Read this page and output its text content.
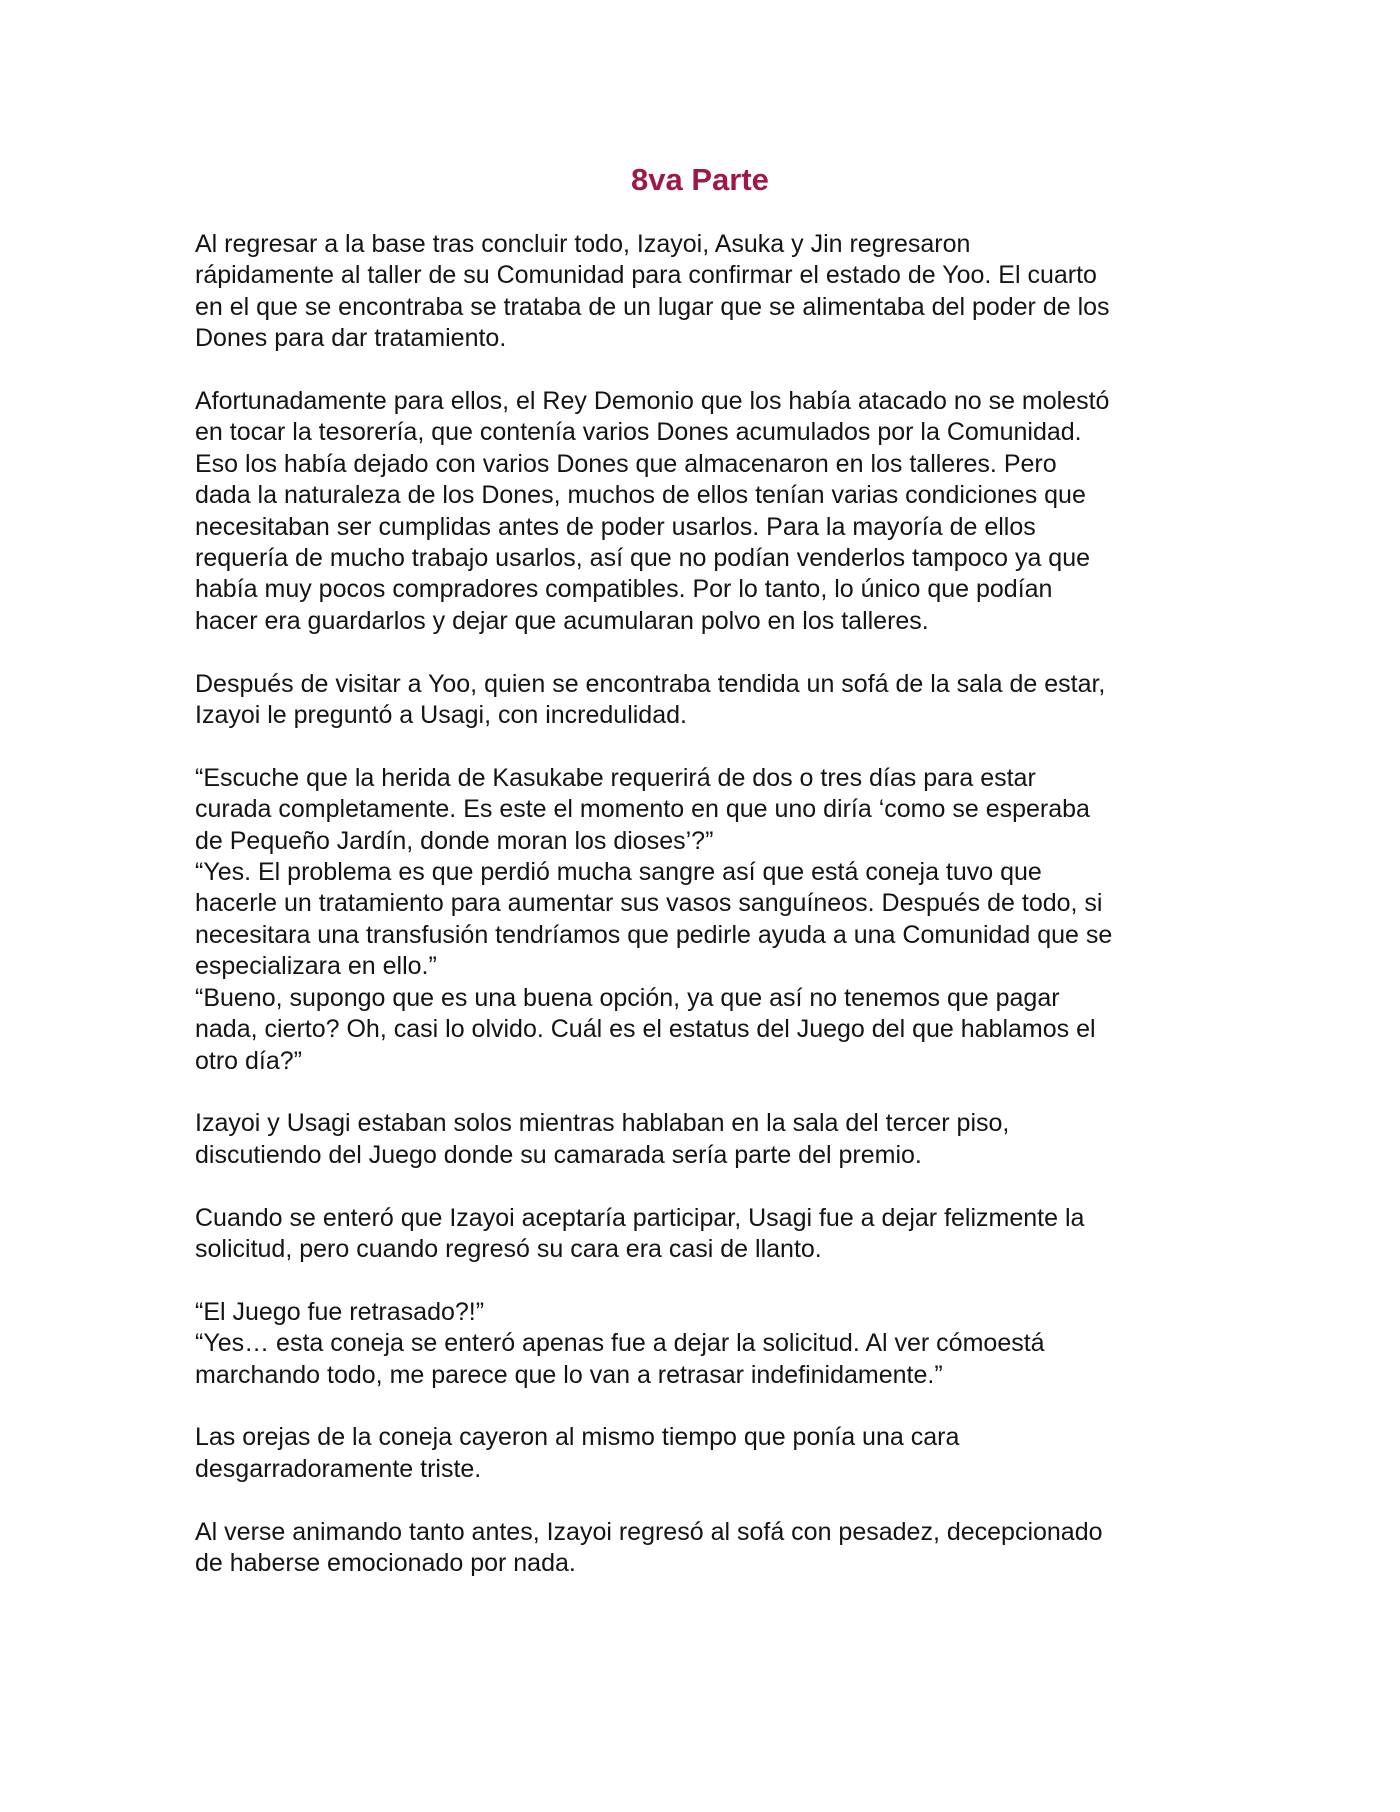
8va Parte

Al regresar a la base tras concluir todo, Izayoi, Asuka y Jin regresaron
rápidamente al taller de su Comunidad para confirmar el estado de Yoo. El cuarto
en el que se encontraba se trataba de un lugar que se alimentaba del poder de los
Dones para dar tratamiento.

Afortunadamente para ellos, el Rey Demonio que los había atacado no se molestó
en tocar la tesorería, que contenía varios Dones acumulados por la Comunidad.
Eso los había dejado con varios Dones que almacenaron en los talleres. Pero
dada la naturaleza de los Dones, muchos de ellos tenían varias condiciones que
necesitaban ser cumplidas antes de poder usarlos. Para la mayoría de ellos
requería de mucho trabajo usarlos, así que no podían venderlos tampoco ya que
había muy pocos compradores compatibles. Por lo tanto, lo único que podían
hacer era guardarlos y dejar que acumularan polvo en los talleres.

Después de visitar a Yoo, quien se encontraba tendida un sofá de la sala de estar,
Izayoi le preguntó a Usagi, con incredulidad.

“Escuche que la herida de Kasukabe requerirá de dos o tres días para estar
curada completamente. Es este el momento en que uno diría ‘como se esperaba
de Pequeño Jardín, donde moran los dioses’?”
“Yes. El problema es que perdió mucha sangre así que está coneja tuvo que
hacerle un tratamiento para aumentar sus vasos sanguíneos. Después de todo, si
necesitara una transfusión tendríamos que pedirle ayuda a una Comunidad que se
especializara en ello.”
“Bueno, supongo que es una buena opción, ya que así no tenemos que pagar
nada, cierto? Oh, casi lo olvido. Cuál es el estatus del Juego del que hablamos el
otro día?”

Izayoi y Usagi estaban solos mientras hablaban en la sala del tercer piso,
discutiendo del Juego donde su camarada sería parte del premio.

Cuando se enteró que Izayoi aceptaría participar, Usagi fue a dejar felizmente la
solicitud, pero cuando regresó su cara era casi de llanto.

“El Juego fue retrasado?!”
“Yes… esta coneja se enteró apenas fue a dejar la solicitud. Al ver cómoestá
marchando todo, me parece que lo van a retrasar indefinidamente.”

Las orejas de la coneja cayeron al mismo tiempo que ponía una cara
desgarradoramente triste.

Al verse animando tanto antes, Izayoi regresó al sofá con pesadez, decepcionado
de haberse emocionado por nada.
